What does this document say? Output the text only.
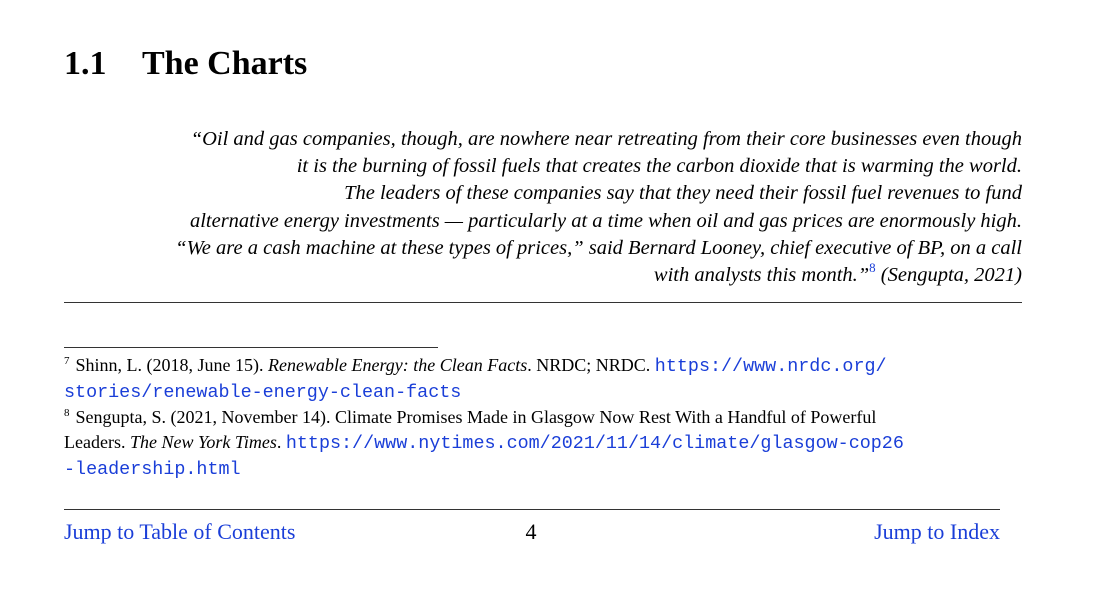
1.1 The Charts
“Oil and gas companies, though, are nowhere near retreating from their core businesses even though
it is the burning of fossil fuels that creates the carbon dioxide that is warming the world.
The leaders of these companies say that they need their fossil fuel revenues to fund
alternative energy investments — particularly at a time when oil and gas prices are enormously high.
“We are a cash machine at these types of prices,” said Bernard Looney, chief executive of BP, on a call
with analysts this month.”$^8$ (Sengupta, 2021)
$^7$ Shinn, L. (2018, June 15). Renewable Energy: the Clean Facts. NRDC; NRDC. https://www.nrdc.org/
stories/renewable-energy-clean-facts
$^8$ Sengupta, S. (2021, November 14). Climate Promises Made in Glasgow Now Rest With a Handful of Powerful
Leaders. The New York Times. https://www.nytimes.com/2021/11/14/climate/glasgow-cop26
-leadership.html
Jump to Table of Contents	4	Jump to Index
